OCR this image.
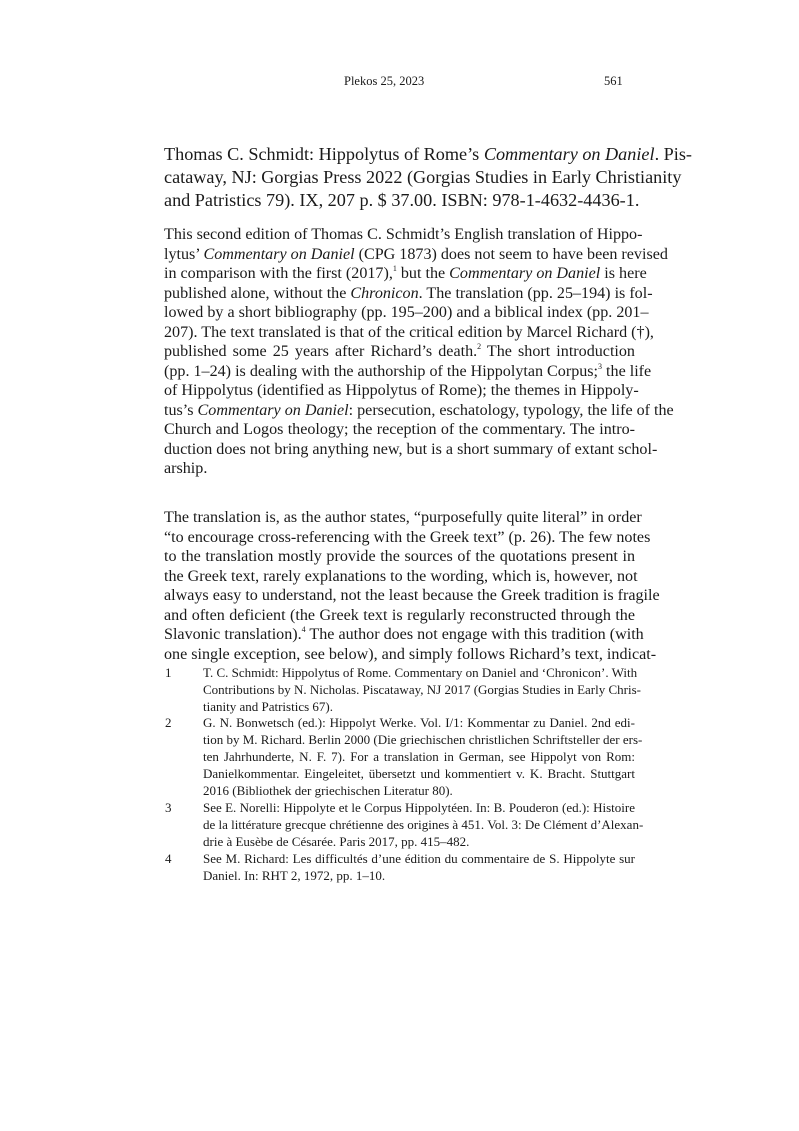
Plekos 25, 2023	561
Thomas C. Schmidt: Hippolytus of Rome’s Commentary on Daniel. Pis-
cataway, NJ: Gorgias Press 2022 (Gorgias Studies in Early Christianity
and Patristics 79). IX, 207 p. $ 37.00. ISBN: 978-1-4632-4436-1.
This second edition of Thomas C. Schmidt’s English translation of Hippo-
lytus’ Commentary on Daniel (CPG 1873) does not seem to have been revised
in comparison with the first (2017),$^1$ but the Commentary on Daniel is here
published alone, without the Chronicon. The translation (pp. 25–194) is fol-
lowed by a short bibliography (pp. 195–200) and a biblical index (pp. 201–
207). The text translated is that of the critical edition by Marcel Richard (†),
published some 25 years after Richard’s death.$^2$ The short introduction
(pp. 1–24) is dealing with the authorship of the Hippolytan Corpus;$^3$ the life
of Hippolytus (identified as Hippolytus of Rome); the themes in Hippoly-
tus’s Commentary on Daniel: persecution, eschatology, typology, the life of the
Church and Logos theology; the reception of the commentary. The intro-
duction does not bring anything new, but is a short summary of extant schol-
arship.
The translation is, as the author states, “purposefully quite literal” in order
“to encourage cross-referencing with the Greek text” (p. 26). The few notes
to the translation mostly provide the sources of the quotations present in
the Greek text, rarely explanations to the wording, which is, however, not
always easy to understand, not the least because the Greek tradition is fragile
and often deficient (the Greek text is regularly reconstructed through the
Slavonic translation).$^4$ The author does not engage with this tradition (with
one single exception, see below), and simply follows Richard’s text, indicat-
1 T. C. Schmidt: Hippolytus of Rome. Commentary on Daniel and ‘Chronicon’. With
Contributions by N. Nicholas. Piscataway, NJ 2017 (Gorgias Studies in Early Chris-
tianity and Patristics 67).
2 G. N. Bonwetsch (ed.): Hippolyt Werke. Vol. I/1: Kommentar zu Daniel. 2nd edi-
tion by M. Richard. Berlin 2000 (Die griechischen christlichen Schriftsteller der ers-
ten Jahrhunderte, N. F. 7). For a translation in German, see Hippolyt von Rom:
Danielkommentar. Eingeleitet, übersetzt und kommentiert v. K. Bracht. Stuttgart
2016 (Bibliothek der griechischen Literatur 80).
3 See E. Norelli: Hippolyte et le Corpus Hippolytéen. In: B. Pouderon (ed.): Histoire
de la littérature grecque chrétienne des origines à 451. Vol. 3: De Clément d’Alexan-
drie à Eusèbe de Césarée. Paris 2017, pp. 415–482.
4 See M. Richard: Les difficultés d’une édition du commentaire de S. Hippolyte sur
Daniel. In: RHT 2, 1972, pp. 1–10.
